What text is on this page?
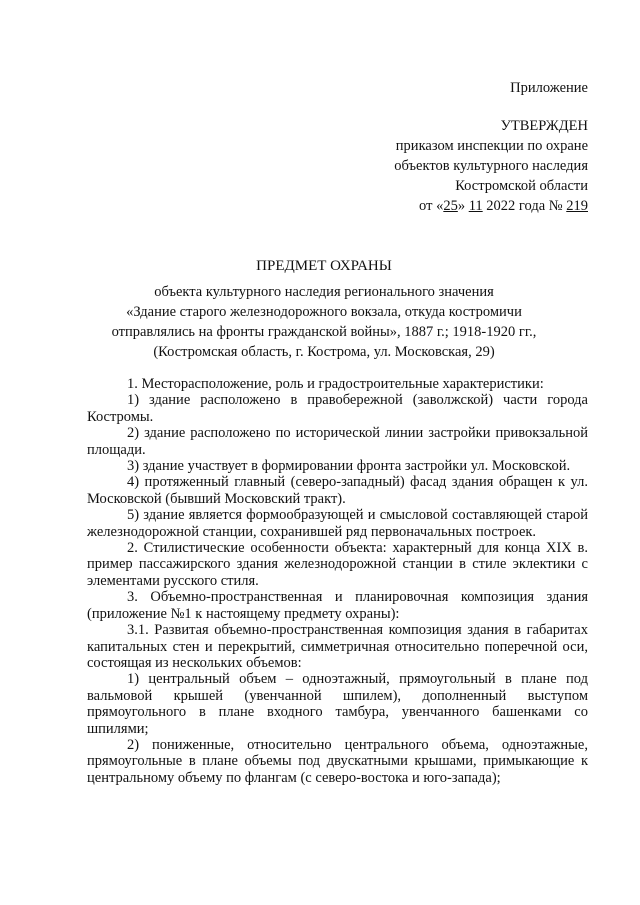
Приложение
УТВЕРЖДЕН
приказом инспекции по охране
объектов культурного наследия
Костромской области
от «25» 11 2022 года № 219
ПРЕДМЕТ ОХРАНЫ
объекта культурного наследия регионального значения
«Здание старого железнодорожного вокзала, откуда костромичи
отправлялись на фронты гражданской войны», 1887 г.; 1918-1920 гг.,
(Костромская область, г. Кострома, ул. Московская, 29)

1. Месторасположение, роль и градостроительные характеристики:

1) здание расположено в правобережной (заволжской) части города Костромы.

2) здание расположено по исторической линии застройки привокзальной площади.

3) здание участвует в формировании фронта застройки ул. Московской.

4) протяженный главный (северо-западный) фасад здания обращен к ул. Московской (бывший Московский тракт).

5) здание является формообразующей и смысловой составляющей старой железнодорожной станции, сохранившей ряд первоначальных построек.

2. Стилистические особенности объекта: характерный для конца XIX в. пример пассажирского здания железнодорожной станции в стиле эклектики с элементами русского стиля.

3. Объемно-пространственная и планировочная композиция здания (приложение №1 к настоящему предмету охраны):

3.1. Развитая объемно-пространственная композиция здания в габаритах капитальных стен и перекрытий, симметричная относительно поперечной оси, состоящая из нескольких объемов:

1) центральный объем – одноэтажный, прямоугольный в плане под вальмовой крышей (увенчанной шпилем), дополненный выступом прямоугольного в плане входного тамбура, увенчанного башенками со шпилями;

2) пониженные, относительно центрального объема, одноэтажные, прямоугольные в плане объемы под двускатными крышами, примыкающие к центральному объему по флангам (с северо-востока и юго-запада);
